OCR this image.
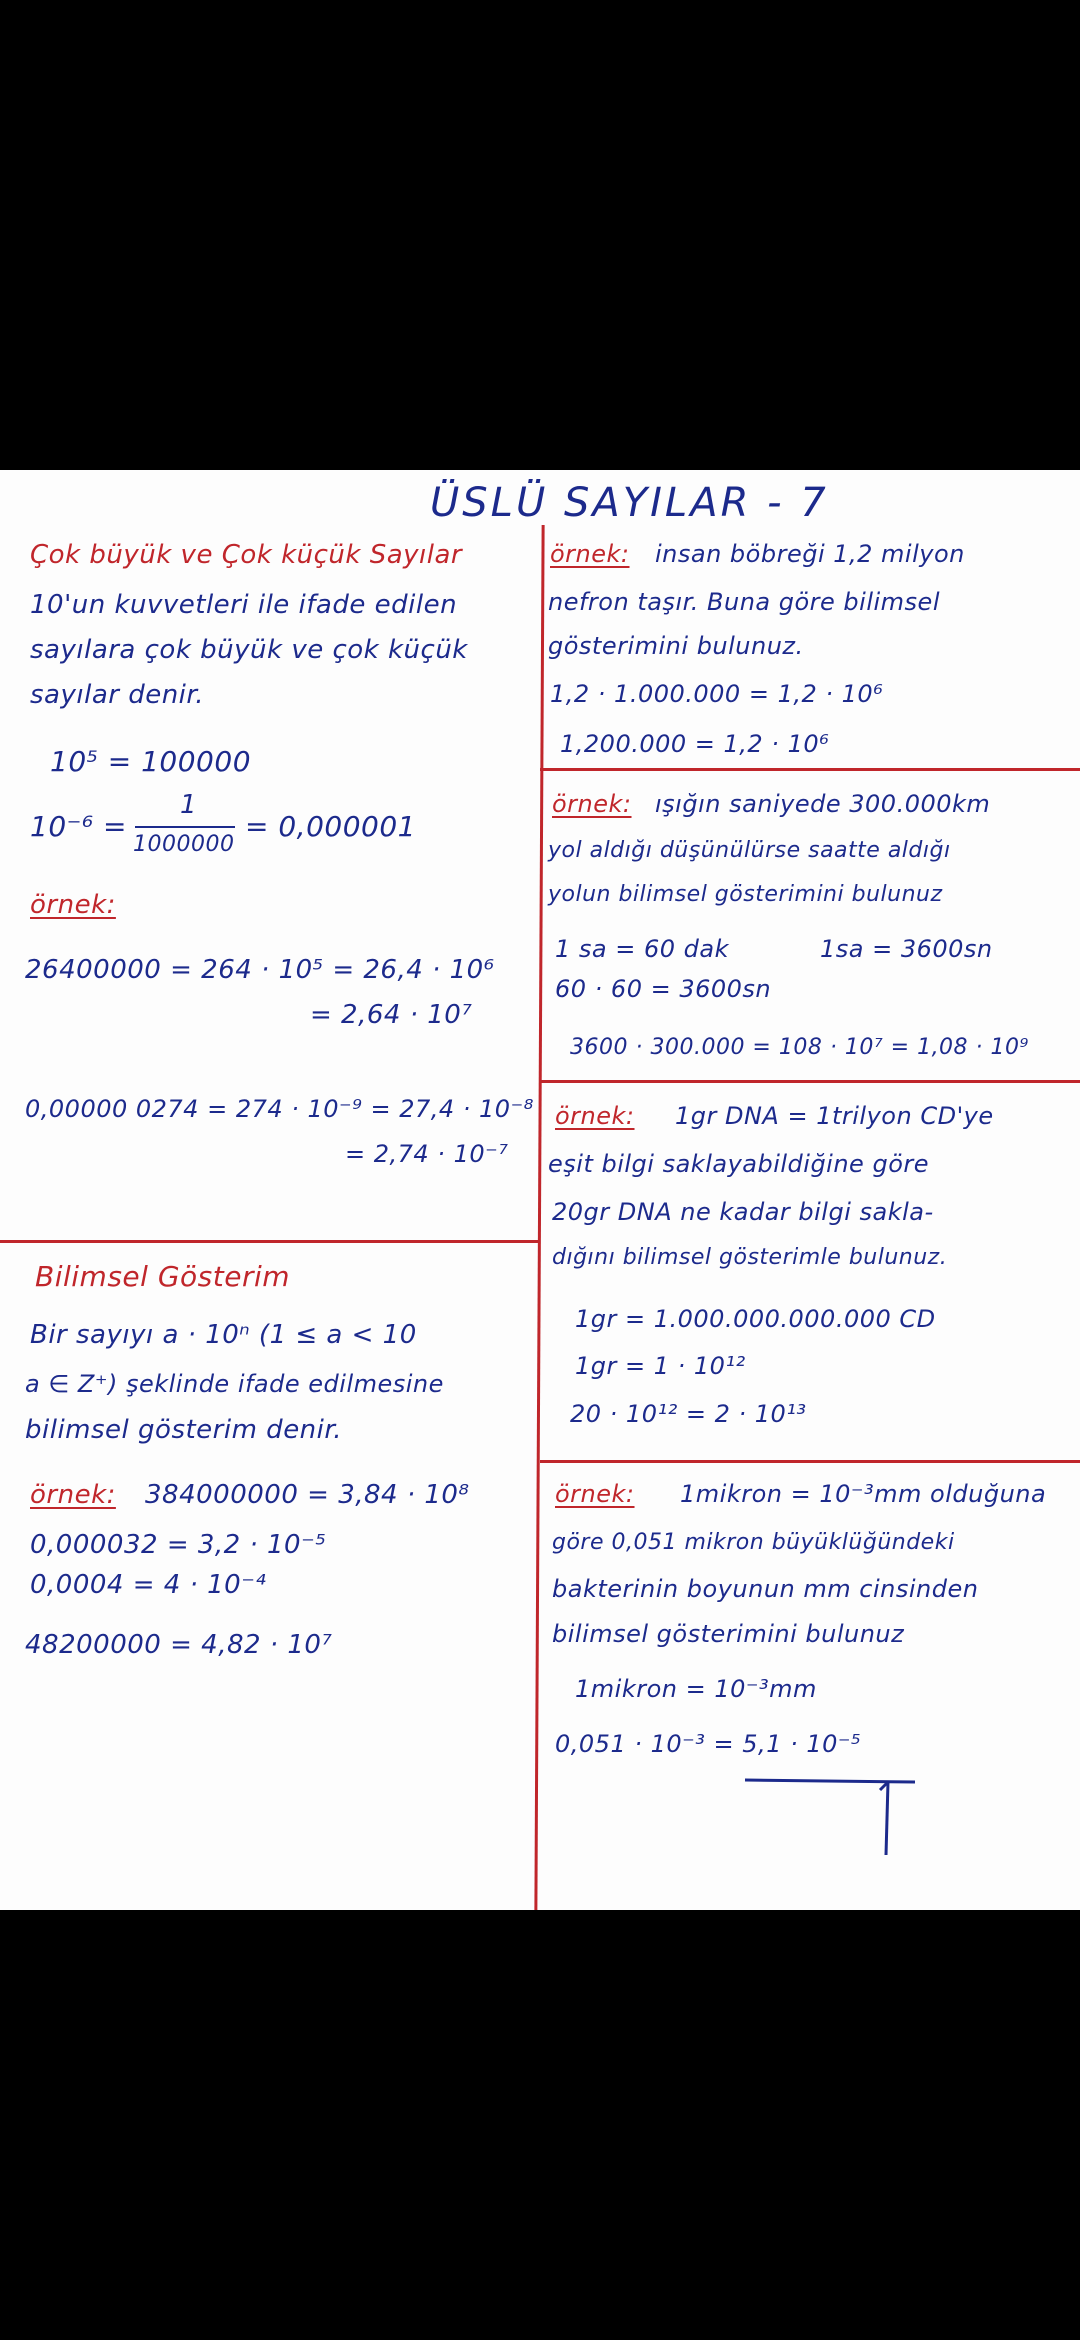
ÜSLÜ SAYILAR - 7
Çok büyük ve Çok küçük Sayılar
10'un kuvvetleri ile ifade edilen
sayılara çok büyük ve çok küçük
sayılar denir.
10⁵ = 100000
10⁻⁶ =
1
1000000
= 0,000001
örnek:
26400000 = 264 · 10⁵ = 26,4 · 10⁶
= 2,64 · 10⁷
0,00000 0274 = 274 · 10⁻⁹ = 27,4 · 10⁻⁸
= 2,74 · 10⁻⁷
Bilimsel Gösterim
Bir sayıyı a · 10ⁿ (1 ≤ a < 10
a ∈ Z⁺) şeklinde ifade edilmesine
bilimsel gösterim denir.
örnek: 384000000 = 3,84 · 10⁸
0,000032 = 3,2 · 10⁻⁵
0,0004 = 4 · 10⁻⁴
48200000 = 4,82 · 10⁷
örnek: insan böbreği 1,2 milyon
nefron taşır. Buna göre bilimsel
gösterimini bulunuz.
1,2 · 1.000.000 = 1,2 · 10⁶
1,200.000 = 1,2 · 10⁶
örnek: ışığın saniyede 300.000km
yol aldığı düşünülürse saatte aldığı
yolun bilimsel gösterimini bulunuz
1 sa = 60 dak	1sa = 3600sn
60 · 60 = 3600sn
3600 · 300.000 = 108 · 10⁷ = 1,08 · 10⁹
örnek: 1gr DNA = 1trilyon CD'ye
eşit bilgi saklayabildiğine göre
20gr DNA ne kadar bilgi sakla-
dığını bilimsel gösterimle bulunuz.
1gr = 1.000.000.000.000 CD
1gr = 1 · 10¹²
20 · 10¹² = 2 · 10¹³
örnek: 1mikron = 10⁻³mm olduğuna
göre 0,051 mikron büyüklüğündeki
bakterinin boyunun mm cinsinden
bilimsel gösterimini bulunuz
1mikron = 10⁻³mm
0,051 · 10⁻³ = 5,1 · 10⁻⁵
